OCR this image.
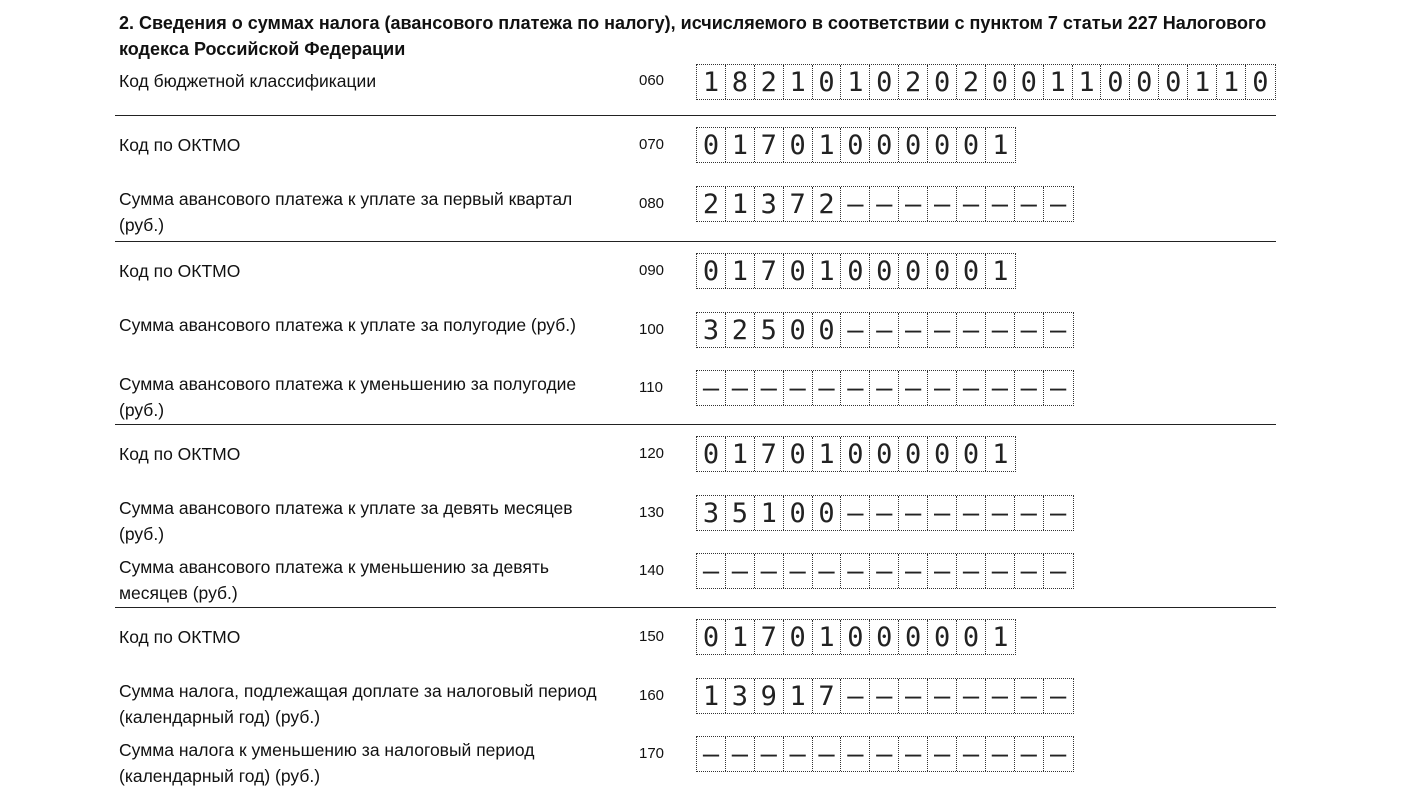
2. Сведения о суммах налога (авансового платежа по налогу), исчисляемого в соответствии с пунктом 7 статьи 227 Налогового кодекса Российской Федерации
Код бюджетной классификации	060 1 8 2 1 0 1 0 2 0 2 0 0 1 1 0 0 0 1 1 0
Код по ОКТМО	070 0 1 7 0 1 0 0 0 0 0 1
Сумма авансового платежа к уплате за первый квартал (руб.)
080 2 1 3 7 2 – – – – – – – –
Код по ОКТМО	090 0 1 7 0 1 0 0 0 0 0 1
Сумма авансового платежа к уплате за полугодие (руб.)	100 3 2 5 0 0 – – – – – – – –
Сумма авансового платежа к уменьшению за полугодие (руб.)
110 – – – – – – – – – – – – –
Код по ОКТМО	120 0 1 7 0 1 0 0 0 0 0 1
Сумма авансового платежа к уплате за девять месяцев (руб.)
130 3 5 1 0 0 – – – – – – – –
Сумма авансового платежа к уменьшению за девять месяцев (руб.)
140 – – – – – – – – – – – – –
Код по ОКТМО	150 0 1 7 0 1 0 0 0 0 0 1
Сумма налога, подлежащая доплате за налоговый период (календарный год) (руб.)
160 1 3 9 1 7 – – – – – – – –
Сумма налога к уменьшению за налоговый период (календарный год) (руб.)
170 – – – – – – – – – – – – –
